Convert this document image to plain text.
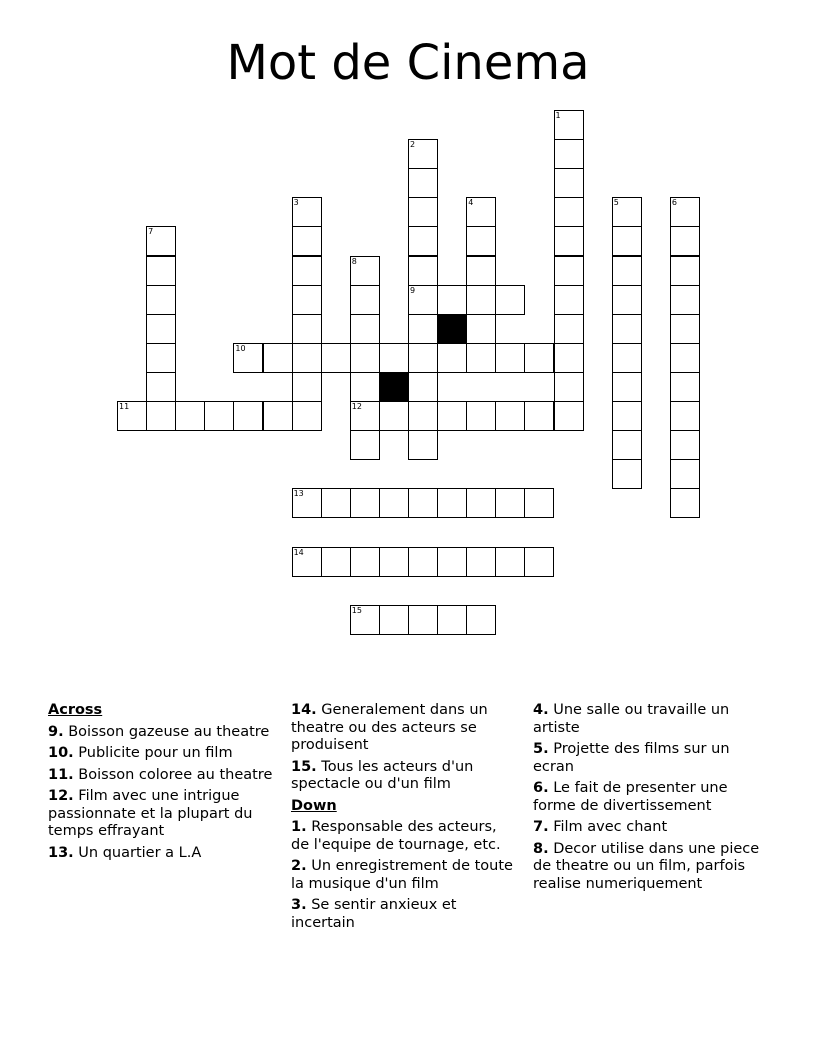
Mot de Cinema
1
2
3	4	5	6
7
8
9
10
11	12
13
14
15
Across
9. Boisson gazeuse au theatre
10. Publicite pour un film
11. Boisson coloree au theatre
12. Film avec une intrigue passionnate et la plupart du temps effrayant
13. Un quartier a L.A
14. Generalement dans un theatre ou des acteurs se produisent
15. Tous les acteurs d'un spectacle ou d'un film
Down
1. Responsable des acteurs, de l'equipe de tournage, etc.
2. Un enregistrement de toute la musique d'un film
3. Se sentir anxieux et incertain
4. Une salle ou travaille un artiste
5. Projette des films sur un ecran
6. Le fait de presenter une forme de divertissement
7. Film avec chant
8. Decor utilise dans une piece de theatre ou un film, parfois realise numeriquement
